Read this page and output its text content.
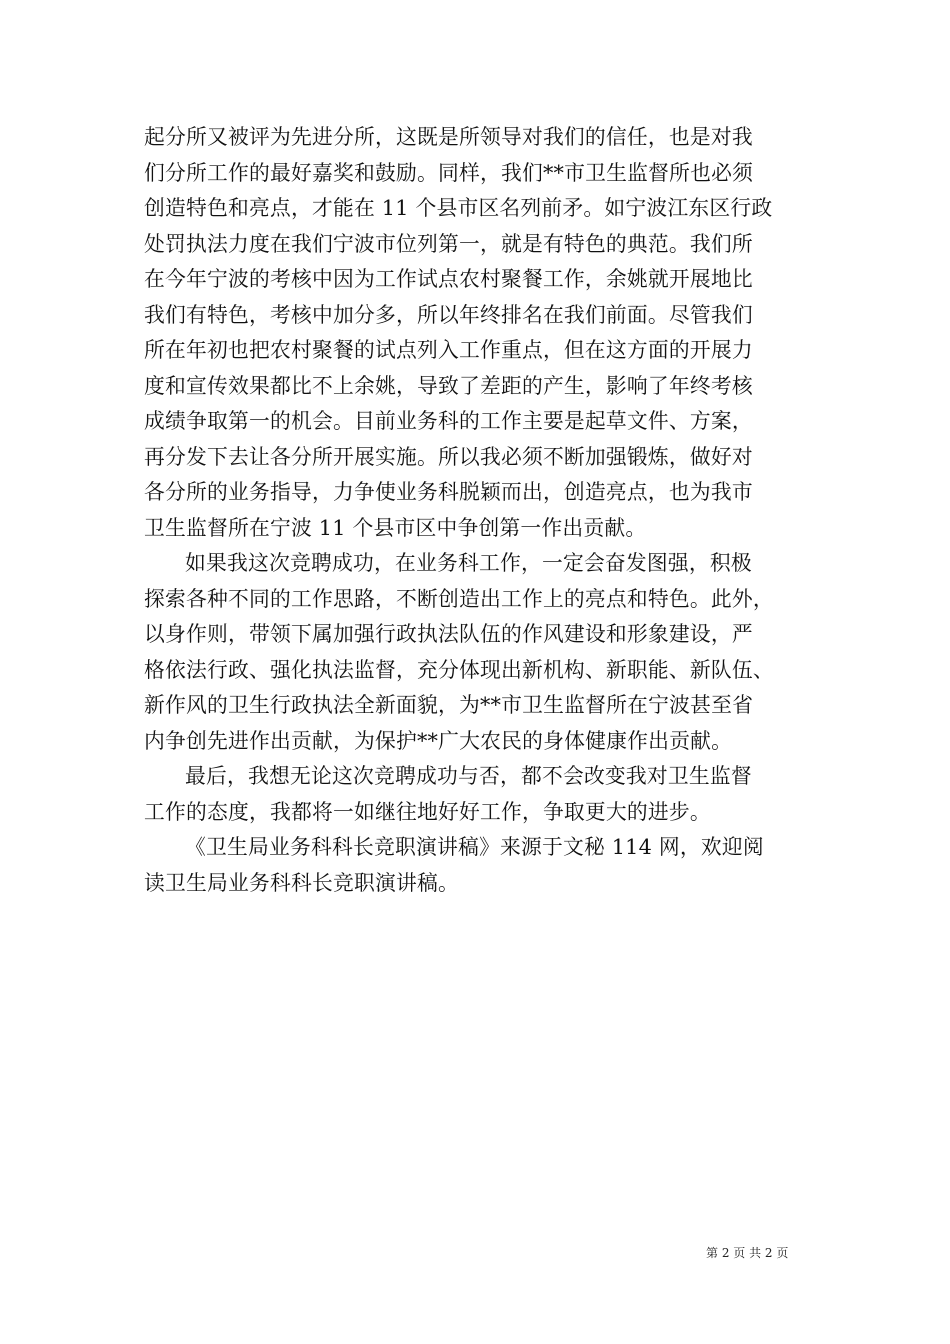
起分所又被评为先进分所，这既是所领导对我们的信任，也是对我
们分所工作的最好嘉奖和鼓励。同样，我们**市卫生监督所也必须
创造特色和亮点，才能在 11 个县市区名列前矛。如宁波江东区行政
处罚执法力度在我们宁波市位列第一，就是有特色的典范。我们所
在今年宁波的考核中因为工作试点农村聚餐工作，余姚就开展地比
我们有特色，考核中加分多，所以年终排名在我们前面。尽管我们
所在年初也把农村聚餐的试点列入工作重点，但在这方面的开展力
度和宣传效果都比不上余姚，导致了差距的产生，影响了年终考核
成绩争取第一的机会。目前业务科的工作主要是起草文件、方案，
再分发下去让各分所开展实施。所以我必须不断加强锻炼，做好对
各分所的业务指导，力争使业务科脱颖而出，创造亮点，也为我市
卫生监督所在宁波 11 个县市区中争创第一作出贡献。
如果我这次竞聘成功，在业务科工作，一定会奋发图强，积极
探索各种不同的工作思路，不断创造出工作上的亮点和特色。此外，
以身作则，带领下属加强行政执法队伍的作风建设和形象建设，严
格依法行政、强化执法监督，充分体现出新机构、新职能、新队伍、
新作风的卫生行政执法全新面貌，为**市卫生监督所在宁波甚至省
内争创先进作出贡献，为保护**广大农民的身体健康作出贡献。
最后，我想无论这次竞聘成功与否，都不会改变我对卫生监督
工作的态度，我都将一如继往地好好工作，争取更大的进步。
《卫生局业务科科长竞职演讲稿》来源于文秘 114 网，欢迎阅
读卫生局业务科科长竞职演讲稿。
第 2 页 共 2 页
